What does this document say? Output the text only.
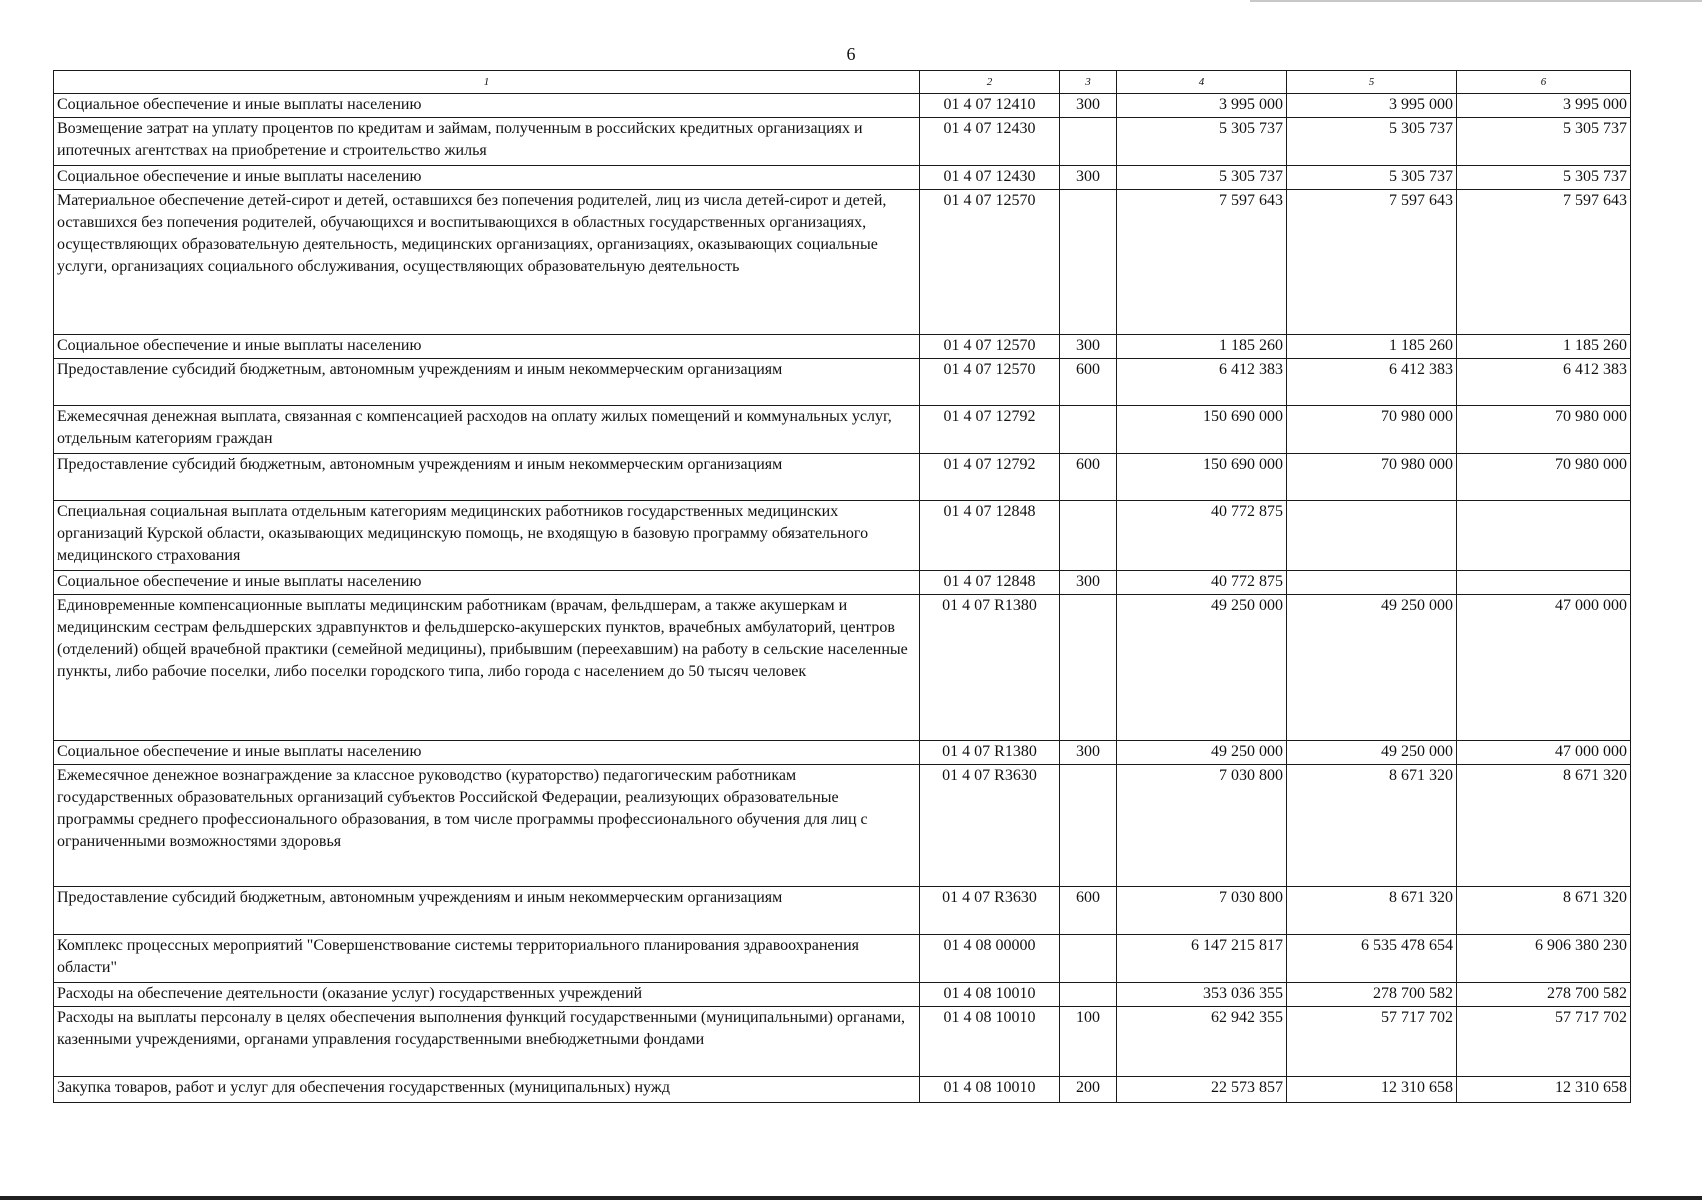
6
1	2	3	4	5	6
Социальное обеспечение и иные выплаты населению	01 4 07 12410	300	3 995 000	3 995 000	3 995 000
Возмещение затрат на уплату процентов по кредитам и займам, полученным в российских кредитных организациях и ипотечных агентствах на приобретение и строительство жилья	01 4 07 12430		5 305 737	5 305 737	5 305 737
Социальное обеспечение и иные выплаты населению	01 4 07 12430	300	5 305 737	5 305 737	5 305 737
Материальное обеспечение детей-сирот и детей, оставшихся без попечения родителей, лиц из числа детей-сирот и детей, оставшихся без попечения родителей, обучающихся и воспитывающихся в областных государственных организациях, осуществляющих образовательную деятельность, медицинских организациях, организациях, оказывающих социальные услуги, организациях социального обслуживания, осуществляющих образовательную деятельность	01 4 07 12570		7 597 643	7 597 643	7 597 643
Социальное обеспечение и иные выплаты населению	01 4 07 12570	300	1 185 260	1 185 260	1 185 260
Предоставление субсидий бюджетным, автономным учреждениям и иным некоммерческим организациям	01 4 07 12570	600	6 412 383	6 412 383	6 412 383
Ежемесячная денежная выплата, связанная с компенсацией расходов на оплату жилых помещений и коммунальных услуг, отдельным категориям граждан	01 4 07 12792		150 690 000	70 980 000	70 980 000
Предоставление субсидий бюджетным, автономным учреждениям и иным некоммерческим организациям	01 4 07 12792	600	150 690 000	70 980 000	70 980 000
Специальная социальная выплата отдельным категориям медицинских работников государственных медицинских организаций Курской области, оказывающих медицинскую помощь, не входящую в базовую программу обязательного медицинского страхования	01 4 07 12848		40 772 875		
Социальное обеспечение и иные выплаты населению	01 4 07 12848	300	40 772 875		
Единовременные компенсационные выплаты медицинским работникам (врачам, фельдшерам, а также акушеркам и медицинским сестрам фельдшерских здравпунктов и фельдшерско-акушерских пунктов, врачебных амбулаторий, центров (отделений) общей врачебной практики (семейной медицины), прибывшим (переехавшим) на работу в сельские населенные пункты, либо рабочие поселки, либо поселки городского типа, либо города с населением до 50 тысяч человек	01 4 07 R1380		49 250 000	49 250 000	47 000 000
Социальное обеспечение и иные выплаты населению	01 4 07 R1380	300	49 250 000	49 250 000	47 000 000
Ежемесячное денежное вознаграждение за классное руководство (кураторство) педагогическим работникам государственных образовательных организаций субъектов Российской Федерации, реализующих образовательные программы среднего профессионального образования, в том числе программы профессионального обучения для лиц с ограниченными возможностями здоровья	01 4 07 R3630		7 030 800	8 671 320	8 671 320
Предоставление субсидий бюджетным, автономным учреждениям и иным некоммерческим организациям	01 4 07 R3630	600	7 030 800	8 671 320	8 671 320
Комплекс процессных мероприятий "Совершенствование системы территориального планирования здравоохранения области"	01 4 08 00000		6 147 215 817	6 535 478 654	6 906 380 230
Расходы на обеспечение деятельности (оказание услуг) государственных учреждений	01 4 08 10010		353 036 355	278 700 582	278 700 582
Расходы на выплаты персоналу в целях обеспечения выполнения функций государственными (муниципальными) органами, казенными учреждениями, органами управления государственными внебюджетными фондами	01 4 08 10010	100	62 942 355	57 717 702	57 717 702
Закупка товаров, работ и услуг для обеспечения государственных (муниципальных) нужд	01 4 08 10010	200	22 573 857	12 310 658	12 310 658
